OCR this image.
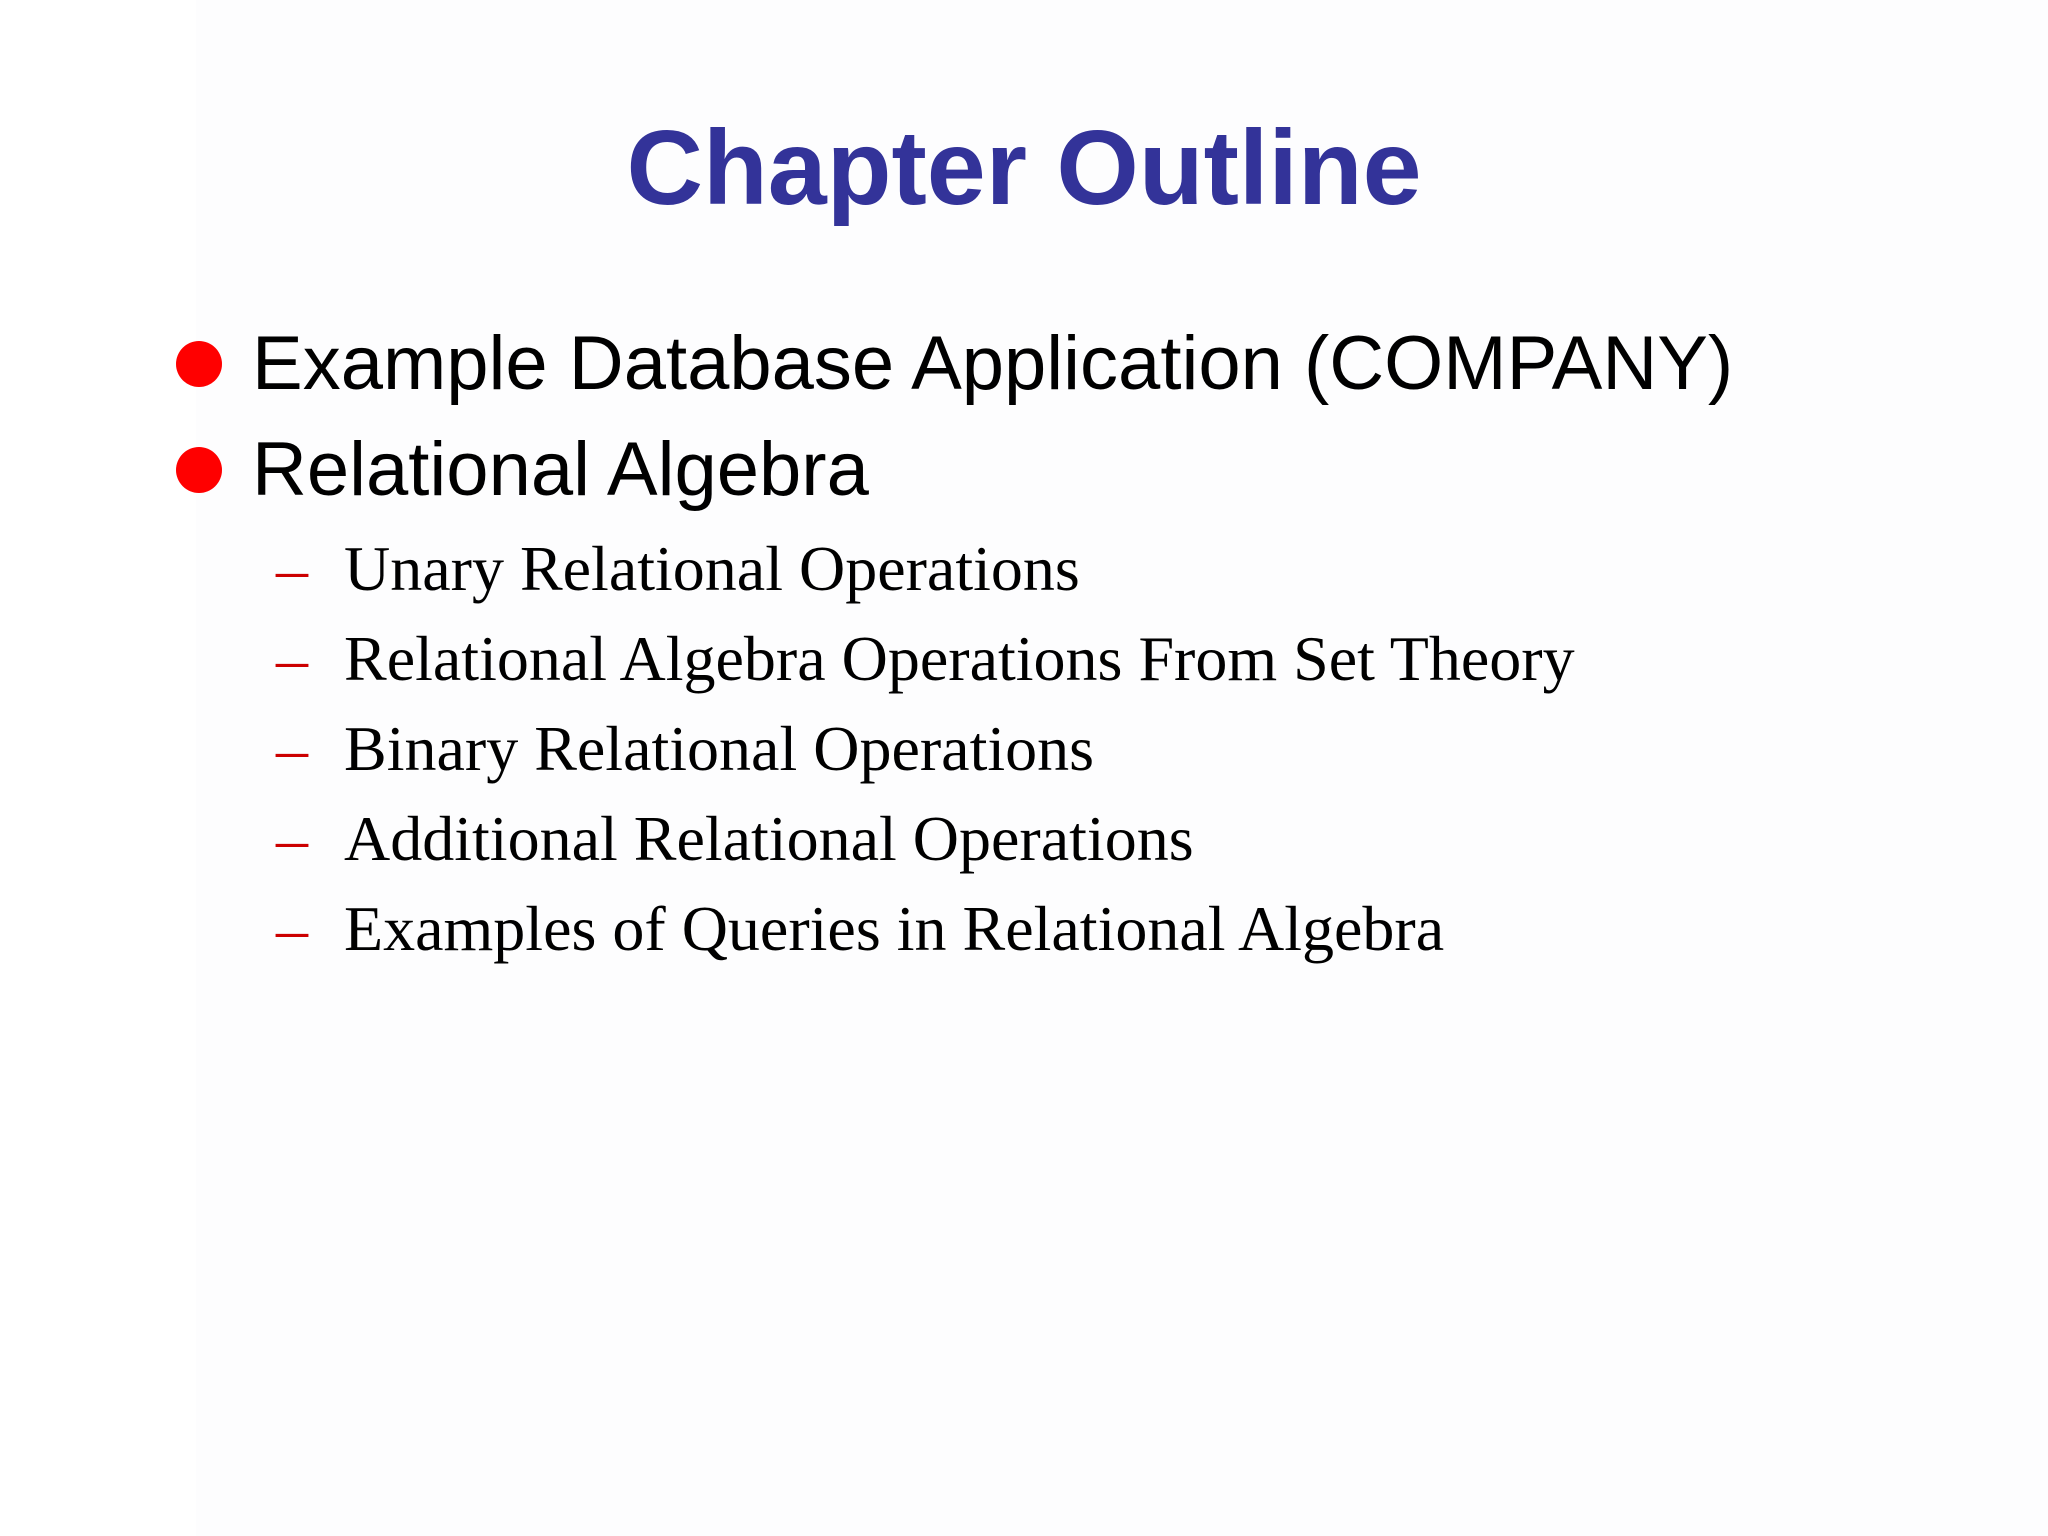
Chapter Outline
Example Database Application (COMPANY)
Relational Algebra
– Unary Relational Operations
– Relational Algebra Operations From Set Theory
– Binary Relational Operations
– Additional Relational Operations
– Examples of Queries in Relational Algebra
